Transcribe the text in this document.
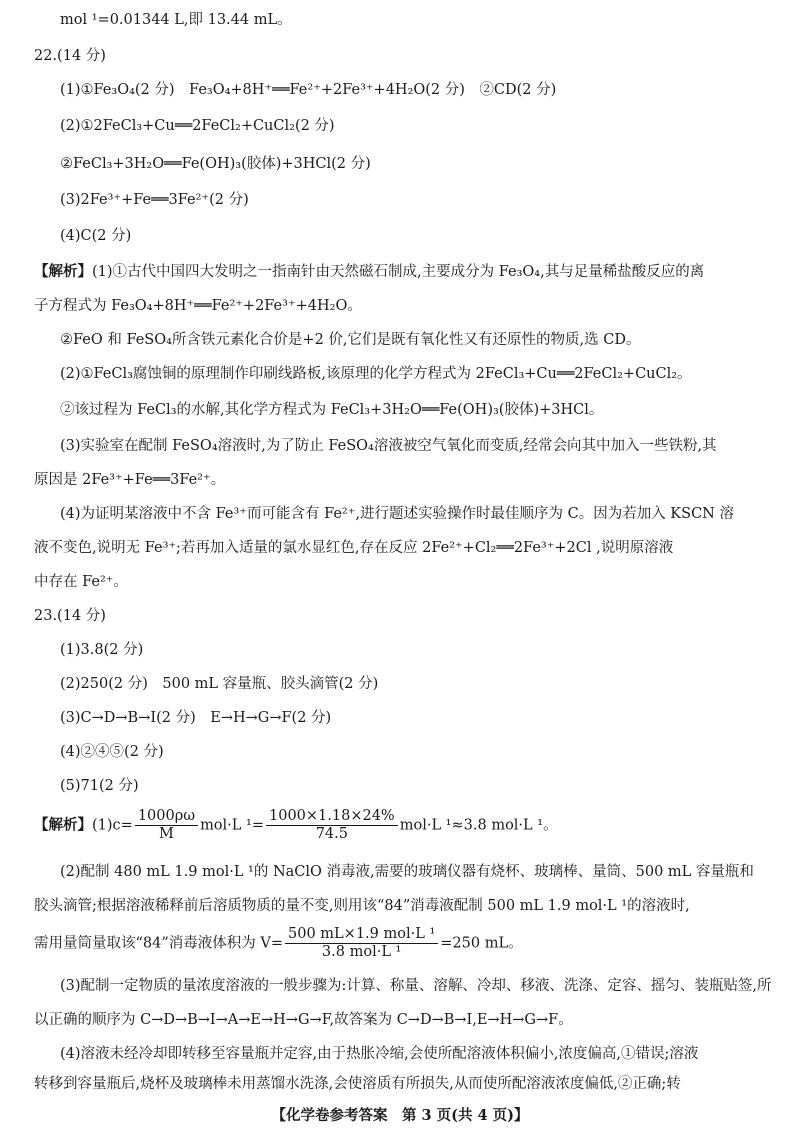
mol ¹=0.01344 L,即 13.44 mL。
22.(14 分)
(1)①Fe₃O₄(2 分)　Fe₃O₄+8H⁺══Fe²⁺+2Fe³⁺+4H₂O(2 分)　②CD(2 分)
(2)①2FeCl₃+Cu══2FeCl₂+CuCl₂(2 分)
②FeCl₃+3H₂O══Fe(OH)₃(胶体)+3HCl(2 分)
(3)2Fe³⁺+Fe══3Fe²⁺(2 分)
(4)C(2 分)
【解析】(1)①古代中国四大发明之一指南针由天然磁石制成,主要成分为 Fe₃O₄,其与足量稀盐酸反应的离
子方程式为 Fe₃O₄+8H⁺══Fe²⁺+2Fe³⁺+4H₂O。
②FeO 和 FeSO₄所含铁元素化合价是+2 价,它们是既有氧化性又有还原性的物质,选 CD。
(2)①FeCl₃腐蚀铜的原理制作印刷线路板,该原理的化学方程式为 2FeCl₃+Cu══2FeCl₂+CuCl₂。
②该过程为 FeCl₃的水解,其化学方程式为 FeCl₃+3H₂O══Fe(OH)₃(胶体)+3HCl。
(3)实验室在配制 FeSO₄溶液时,为了防止 FeSO₄溶液被空气氧化而变质,经常会向其中加入一些铁粉,其
原因是 2Fe³⁺+Fe══3Fe²⁺。
(4)为证明某溶液中不含 Fe³⁺而可能含有 Fe²⁺,进行题述实验操作时最佳顺序为 C。因为若加入 KSCN 溶
液不变色,说明无 Fe³⁺;若再加入适量的氯水显红色,存在反应 2Fe²⁺+Cl₂══2Fe³⁺+2Cl ,说明原溶液
中存在 Fe²⁺。
23.(14 分)
(1)3.8(2 分)
(2)250(2 分)　500 mL 容量瓶、胶头滴管(2 分)
(3)C→D→B→I(2 分)　E→H→G→F(2 分)
(4)②④⑤(2 分)
(5)71(2 分)
【解析】$(1)c= \frac{1000\rho\omega}{M} mol\cdot L$ $^1= \frac{1000\times 1.18\times 24\%}{74.5} mol\cdot L$ ¹≈3.8 mol·L ¹。
(2)配制 480 mL 1.9 mol·L ¹的 NaClO 消毒液,需要的玻璃仪器有烧杯、玻璃棒、量筒、500 mL 容量瓶和
胶头滴管;根据溶液稀释前后溶质物质的量不变,则用该“84”消毒液配制 500 mL 1.9 mol·L ¹的溶液时,
需用量筒量取该“84”消毒液体积为 $V= \frac{\text{500 mL×1.9 mol·L ¹}}{\text{3.8 mol·L ¹}} =250$ mL。
(3)配制一定物质的量浓度溶液的一般步骤为:计算、称量、溶解、冷却、移液、洗涤、定容、摇匀、装瓶贴签,所
以正确的顺序为 C→D→B→I→A→E→H→G→F,故答案为 C→D→B→I,E→H→G→F。
(4)溶液未经冷却即转移至容量瓶并定容,由于热胀冷缩,会使所配溶液体积偏小,浓度偏高,①错误;溶液
转移到容量瓶后,烧杯及玻璃棒未用蒸馏水洗涤,会使溶质有所损失,从而使所配溶液浓度偏低,②正确;转
【化学卷参考答案　第 3 页(共 4 页)】
